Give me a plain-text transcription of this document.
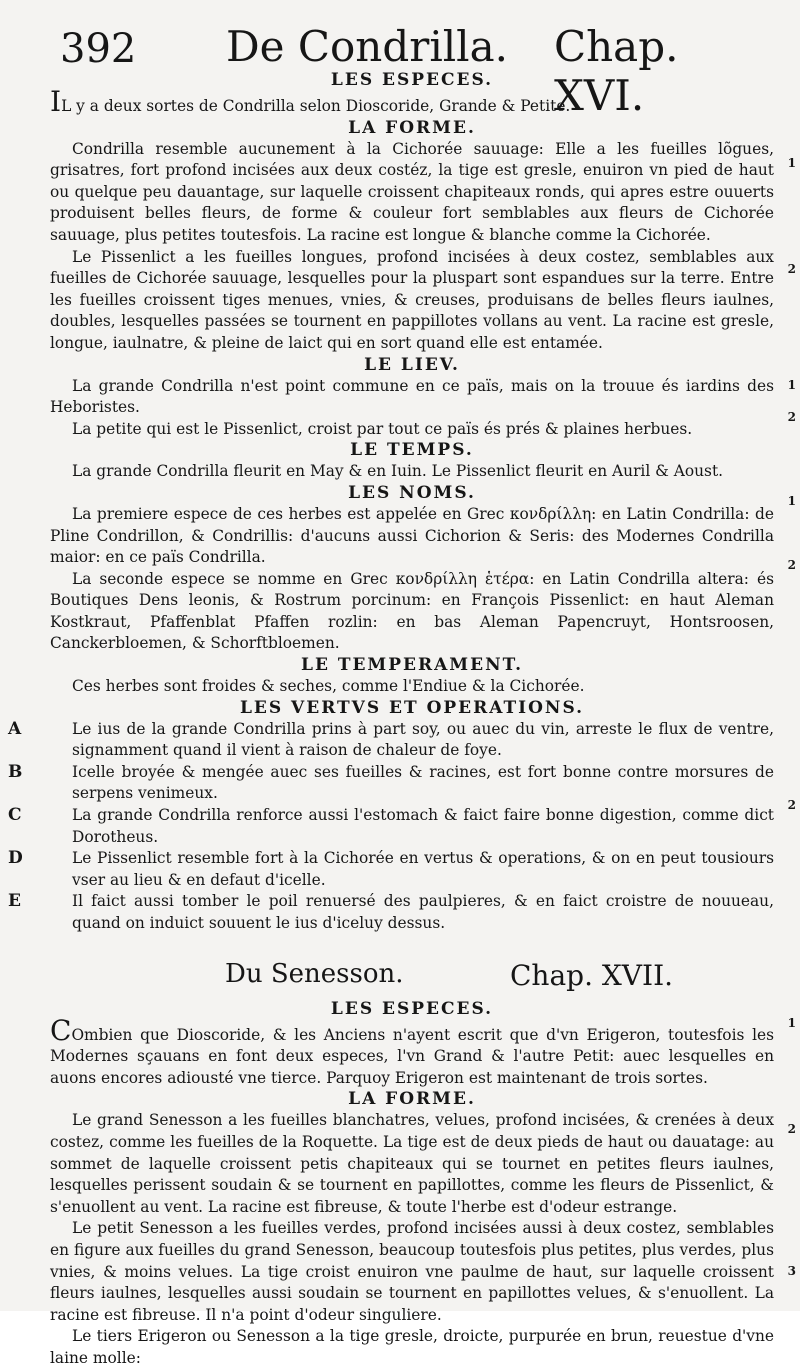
392 De Condrilla. Chap. XVI.
LES ESPECES.

IL y a deux sortes de Condrilla selon Dioscoride, Grande & Petite.

LA FORME.

Condrilla resemble aucunement à la Cichorée sauuage: Elle a les fueilles lõgues, grisatres, fort profond incisées aux deux costéz, la tige est gresle, enuiron vn pied de haut ou quelque peu dauantage, sur laquelle croissent chapiteaux ronds, qui apres estre ouuerts produisent belles fleurs, de forme & couleur fort semblables aux fleurs de Cichorée sauuage, plus petites toutesfois. La racine est longue & blanche comme la Cichorée.

Le Pissenlict a les fueilles longues, profond incisées à deux costez, semblables aux fueilles de Cichorée sauuage, lesquelles pour la pluspart sont espandues sur la terre. Entre les fueilles croissent tiges menues, vnies, & creuses, produisans de belles fleurs iaulnes, doubles, lesquelles passées se tournent en pappillotes vollans au vent. La racine est gresle, longue, iaulnatre, & pleine de laict qui en sort quand elle est entamée.

LE LIEV.

La grande Condrilla n'est point commune en ce païs, mais on la trouue és iardins des Heboristes.

La petite qui est le Pissenlict, croist par tout ce païs és prés & plaines herbues.

LE TEMPS.

La grande Condrilla fleurit en May & en Iuin. Le Pissenlict fleurit en Auril & Aoust.

LES NOMS.

La premiere espece de ces herbes est appelée en Grec κονδρίλλη: en Latin Condrilla: de Pline Condrillon, & Condrillis: d'aucuns aussi Cichorion & Seris: des Modernes Condrilla maior: en ce païs Condrilla.

La seconde espece se nomme en Grec κονδρίλλη ἑτέρα: en Latin Condrilla altera: és Boutiques Dens leonis, & Rostrum porcinum: en François Pissenlict: en haut Aleman Kostkraut, Pfaffenblat Pfaffen rozlin: en bas Aleman Papencruyt, Hontsroosen, Canckerbloemen, & Schorftbloemen.

LE TEMPERAMENT.

Ces herbes sont froides & seches, comme l'Endiue & la Cichorée.

LES VERTVS ET OPERATIONS.

A	Le ius de la grande Condrilla prins à part soy, ou auec du vin, arreste le flux de ventre, signamment quand il vient à raison de chaleur de foye.

B	Icelle broyée & mengée auec ses fueilles & racines, est fort bonne contre morsures de serpens venimeux.

C	La grande Condrilla renforce aussi l'estomach & faict faire bonne digestion, comme dict Dorotheus.

D	Le Pissenlict resemble fort à la Cichorée en vertus & operations, & on en peut tousiours vser au lieu & en defaut d'icelle.

E	Il faict aussi tomber le poil renuersé des paulpieres, & en faict croistre de nouueau, quand on induict souuent le ius d'iceluy dessus.

Du Senesson.	Chap. XVII.
LES ESPECES.

COmbien que Dioscoride, & les Anciens n'ayent escrit que d'vn Erigeron, toutesfois les Modernes sçauans en font deux especes, l'vn Grand & l'autre Petit: auec lesquelles en auons encores adiousté vne tierce. Parquoy Erigeron est maintenant de trois sortes.

LA FORME.

Le grand Senesson a les fueilles blanchatres, velues, profond incisées, & crenées à deux costez, comme les fueilles de la Roquette. La tige est de deux pieds de haut ou dauatage: au sommet de laquelle croissent petis chapiteaux qui se tournet en petites fleurs iaulnes, lesquelles perissent soudain & se tournent en papillottes, comme les fleurs de Pissenlict, & s'enuollent au vent. La racine est fibreuse, & toute l'herbe est d'odeur estrange.

Le petit Senesson a les fueilles verdes, profond incisées aussi à deux costez, semblables en figure aux fueilles du grand Senesson, beaucoup toutesfois plus petites, plus verdes, plus vnies, & moins velues. La tige croist enuiron vne paulme de haut, sur laquelle croissent fleurs iaulnes, lesquelles aussi soudain se tournent en papillottes velues, & s'enuollent. La racine est fibreuse. Il n'a point d'odeur singuliere.

Le tiers Erigeron ou Senesson a la tige gresle, droicte, purpurée en brun, reuestue d'vne laine molle:

1
2
1
2
1
2
2
1
2
3
